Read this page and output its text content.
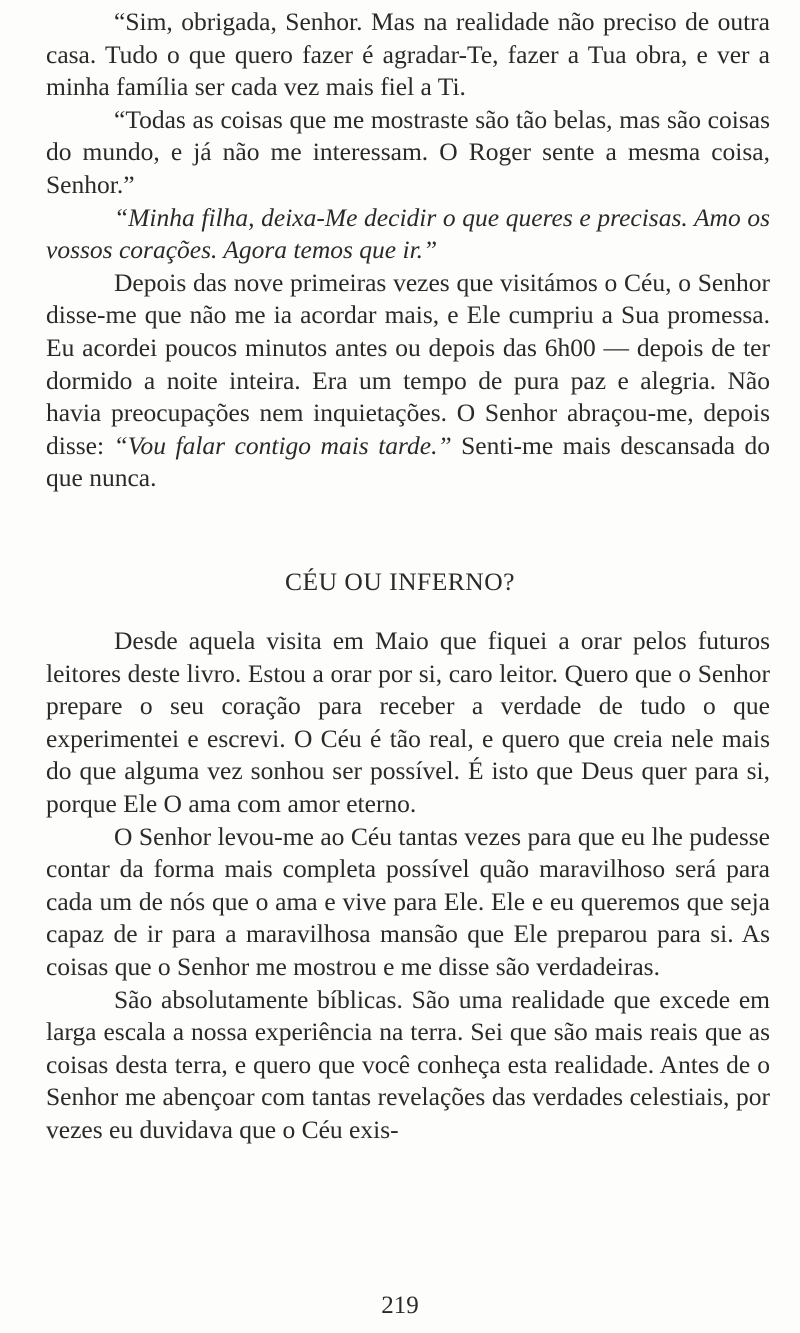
“Sim, obrigada, Senhor. Mas na realidade não preciso de outra casa. Tudo o que quero fazer é agradar-Te, fazer a Tua obra, e ver a minha família ser cada vez mais fiel a Ti.

“Todas as coisas que me mostraste são tão belas, mas são coisas do mundo, e já não me interessam. O Roger sente a mesma coisa, Senhor.”

“Minha filha, deixa-Me decidir o que queres e precisas. Amo os vossos corações. Agora temos que ir.”

Depois das nove primeiras vezes que visitámos o Céu, o Senhor disse-me que não me ia acordar mais, e Ele cumpriu a Sua promessa. Eu acordei poucos minutos antes ou depois das 6h00 — depois de ter dormido a noite inteira. Era um tempo de pura paz e alegria. Não havia preocupações nem inquietações. O Senhor abraçou-me, depois disse: “Vou falar contigo mais tarde.” Senti-me mais descansada do que nunca.

CÉU OU INFERNO?

Desde aquela visita em Maio que fiquei a orar pelos futuros leitores deste livro. Estou a orar por si, caro leitor. Quero que o Senhor prepare o seu coração para receber a verdade de tudo o que experimentei e escrevi. O Céu é tão real, e quero que creia nele mais do que alguma vez sonhou ser possível. É isto que Deus quer para si, porque Ele O ama com amor eterno.

O Senhor levou-me ao Céu tantas vezes para que eu lhe pudesse contar da forma mais completa possível quão maravilhoso será para cada um de nós que o ama e vive para Ele. Ele e eu queremos que seja capaz de ir para a maravilhosa mansão que Ele preparou para si. As coisas que o Senhor me mostrou e me disse são verdadeiras.

São absolutamente bíblicas. São uma realidade que excede em larga escala a nossa experiência na terra. Sei que são mais reais que as coisas desta terra, e quero que você conheça esta realidade. Antes de o Senhor me abençoar com tantas revelações das verdades celestiais, por vezes eu duvidava que o Céu exis-

219
